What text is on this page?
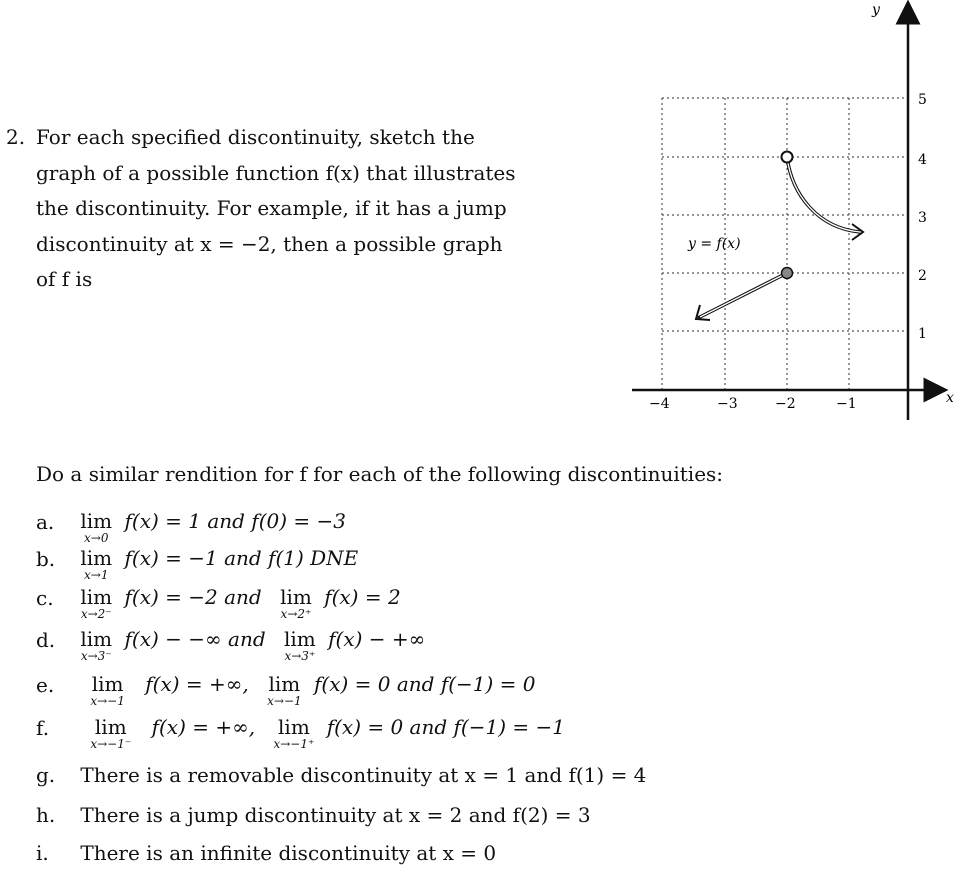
2. For each specified discontinuity, sketch the
graph of a possible function f(x) that illustrates
the discontinuity. For example, if it has a jump
discontinuity at x = −2, then a possible graph
of f is
y
x
−4	−3	−2	−1
1
2
3
4
5
y = f(x)
Do a similar rendition for f for each of the following discontinuities:
a. lim
x→0
f(x) = 1 and f(0) = −3
b. lim
x→1
f(x) = −1 and f(1) DNE
c. lim
x→2⁻
f(x) = −2 and lim
x→2⁺
f(x) = 2
d. lim
x→3⁻
f(x) − −∞ and lim
x→3⁺
f(x) − +∞
e. lim
x→−1
f(x) = +∞, lim
x→−1
f(x) = 0 and f(−1) = 0
f. lim
x→−1⁻
f(x) = +∞, lim
x→−1⁺
f(x) = 0 and f(−1) = −1
g. There is a removable discontinuity at x = 1 and f(1) = 4
h. There is a jump discontinuity at x = 2 and f(2) = 3
i. There is an infinite discontinuity at x = 0
